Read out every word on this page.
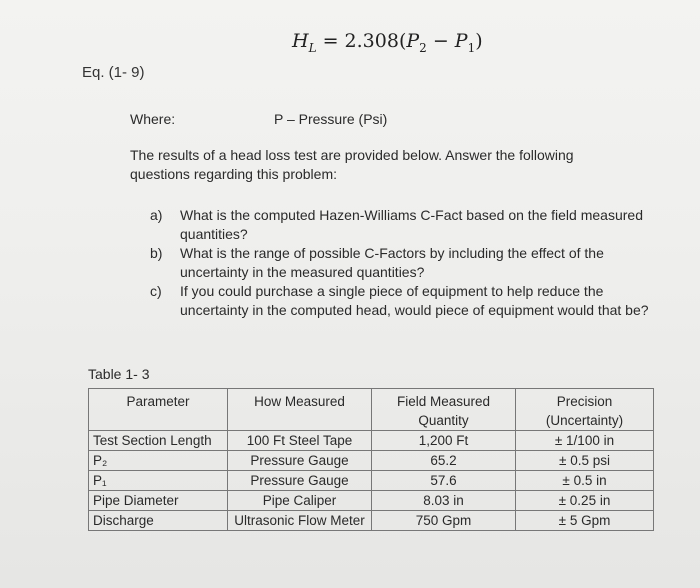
$H_L = 2.308(P_2 - P_1)$
Eq. (1- 9)
Where:	P – Pressure (Psi)
The results of a head loss test are provided below. Answer the following questions regarding this problem:
a)	What is the computed Hazen-Williams C-Fact based on the field measured quantities?
b)	What is the range of possible C-Factors by including the effect of the uncertainty in the measured quantities?
c)	If you could purchase a single piece of equipment to help reduce the uncertainty in the computed head, would piece of equipment would that be?
Table 1- 3
Parameter	How Measured	Field Measured Quantity	Precision (Uncertainty)
Test Section Length	100 Ft Steel Tape	1,200 Ft	± 1/100 in
P₂	Pressure Gauge	65.2	± 0.5 psi
P₁	Pressure Gauge	57.6	± 0.5 in
Pipe Diameter	Pipe Caliper	8.03 in	± 0.25 in
Discharge	Ultrasonic Flow Meter	750 Gpm	± 5 Gpm
